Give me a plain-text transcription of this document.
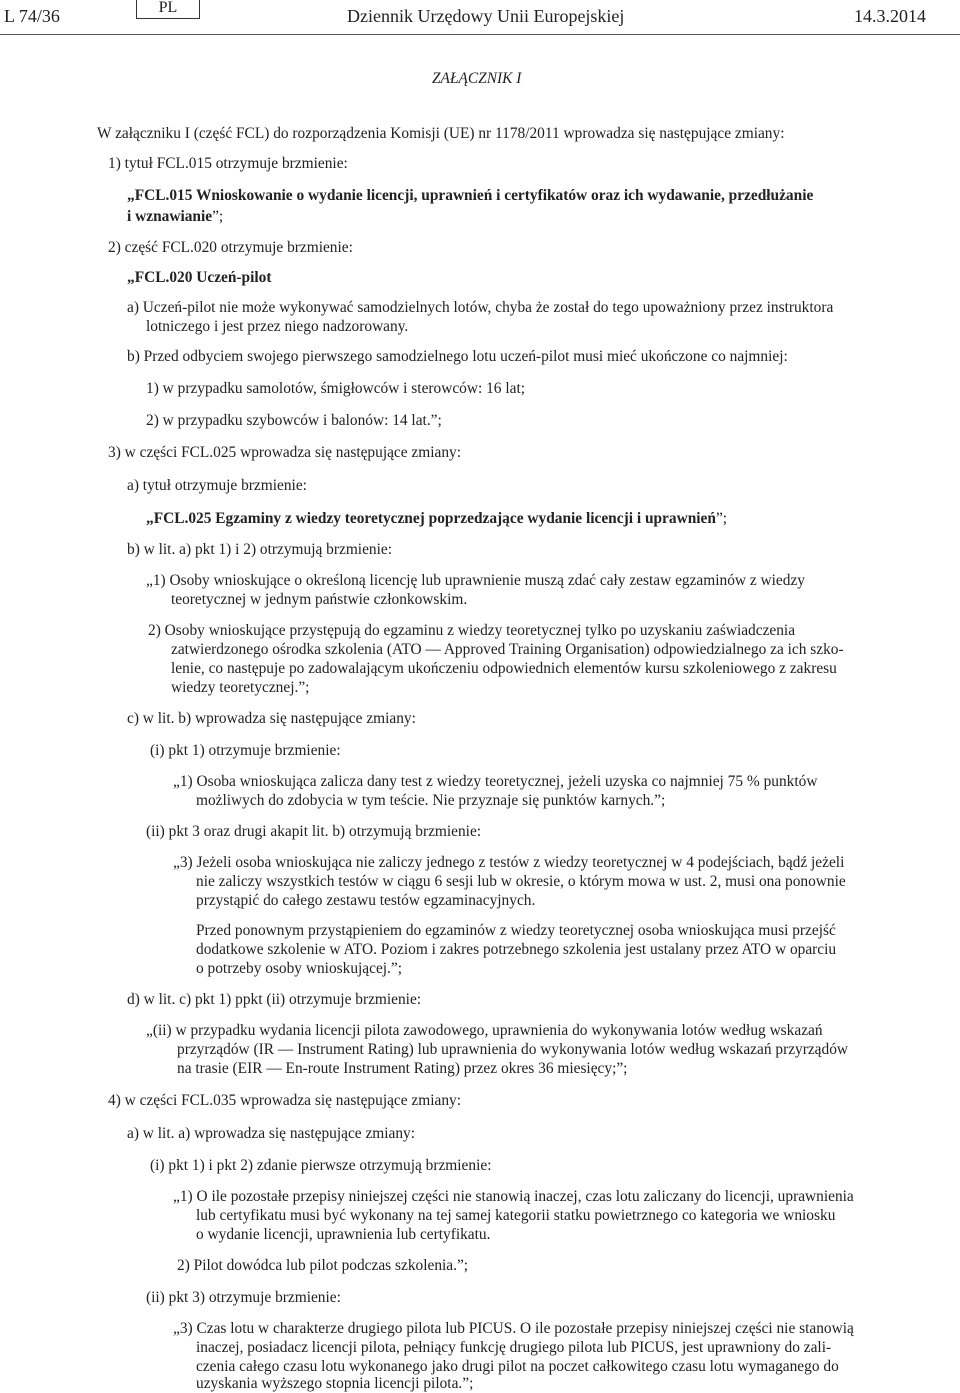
L 74/36	PL	Dziennik Urzędowy Unii Europejskiej	14.3.2014
ZAŁĄCZNIK I
W załączniku I (część FCL) do rozporządzenia Komisji (UE) nr 1178/2011 wprowadza się następujące zmiany:
1) tytuł FCL.015 otrzymuje brzmienie:
„FCL.015 Wnioskowanie o wydanie licencji, uprawnień i certyfikatów oraz ich wydawanie, przedłużanie
i wznawianie”;
2) część FCL.020 otrzymuje brzmienie:
„FCL.020 Uczeń-pilot
a) Uczeń-pilot nie może wykonywać samodzielnych lotów, chyba że został do tego upoważniony przez instruktora
lotniczego i jest przez niego nadzorowany.
b) Przed odbyciem swojego pierwszego samodzielnego lotu uczeń-pilot musi mieć ukończone co najmniej:
1) w przypadku samolotów, śmigłowców i sterowców: 16 lat;
2) w przypadku szybowców i balonów: 14 lat.”;
3) w części FCL.025 wprowadza się następujące zmiany:
a) tytuł otrzymuje brzmienie:
„FCL.025 Egzaminy z wiedzy teoretycznej poprzedzające wydanie licencji i uprawnień”;
b) w lit. a) pkt 1) i 2) otrzymują brzmienie:
„1) Osoby wnioskujące o określoną licencję lub uprawnienie muszą zdać cały zestaw egzaminów z wiedzy
teoretycznej w jednym państwie członkowskim.
2) Osoby wnioskujące przystępują do egzaminu z wiedzy teoretycznej tylko po uzyskaniu zaświadczenia
zatwierdzonego ośrodka szkolenia (ATO — Approved Training Organisation) odpowiedzialnego za ich szko-
lenie, co następuje po zadowalającym ukończeniu odpowiednich elementów kursu szkoleniowego z zakresu
wiedzy teoretycznej.”;
c) w lit. b) wprowadza się następujące zmiany:
(i) pkt 1) otrzymuje brzmienie:
„1) Osoba wnioskująca zalicza dany test z wiedzy teoretycznej, jeżeli uzyska co najmniej 75 % punktów
możliwych do zdobycia w tym teście. Nie przyznaje się punktów karnych.”;
(ii) pkt 3 oraz drugi akapit lit. b) otrzymują brzmienie:
„3) Jeżeli osoba wnioskująca nie zaliczy jednego z testów z wiedzy teoretycznej w 4 podejściach, bądź jeżeli
nie zaliczy wszystkich testów w ciągu 6 sesji lub w okresie, o którym mowa w ust. 2, musi ona ponownie
przystąpić do całego zestawu testów egzaminacyjnych.
Przed ponownym przystąpieniem do egzaminów z wiedzy teoretycznej osoba wnioskująca musi przejść
dodatkowe szkolenie w ATO. Poziom i zakres potrzebnego szkolenia jest ustalany przez ATO w oparciu
o potrzeby osoby wnioskującej.”;
d) w lit. c) pkt 1) ppkt (ii) otrzymuje brzmienie:
„(ii) w przypadku wydania licencji pilota zawodowego, uprawnienia do wykonywania lotów według wskazań
przyrządów (IR — Instrument Rating) lub uprawnienia do wykonywania lotów według wskazań przyrządów
na trasie (EIR — En-route Instrument Rating) przez okres 36 miesięcy;”;
4) w części FCL.035 wprowadza się następujące zmiany:
a) w lit. a) wprowadza się następujące zmiany:
(i) pkt 1) i pkt 2) zdanie pierwsze otrzymują brzmienie:
„1) O ile pozostałe przepisy niniejszej części nie stanowią inaczej, czas lotu zaliczany do licencji, uprawnienia
lub certyfikatu musi być wykonany na tej samej kategorii statku powietrznego co kategoria we wniosku
o wydanie licencji, uprawnienia lub certyfikatu.
2) Pilot dowódca lub pilot podczas szkolenia.”;
(ii) pkt 3) otrzymuje brzmienie:
„3) Czas lotu w charakterze drugiego pilota lub PICUS. O ile pozostałe przepisy niniejszej części nie stanowią
inaczej, posiadacz licencji pilota, pełniący funkcję drugiego pilota lub PICUS, jest uprawniony do zali-
czenia całego czasu lotu wykonanego jako drugi pilot na poczet całkowitego czasu lotu wymaganego do
uzyskania wyższego stopnia licencji pilota.”;
